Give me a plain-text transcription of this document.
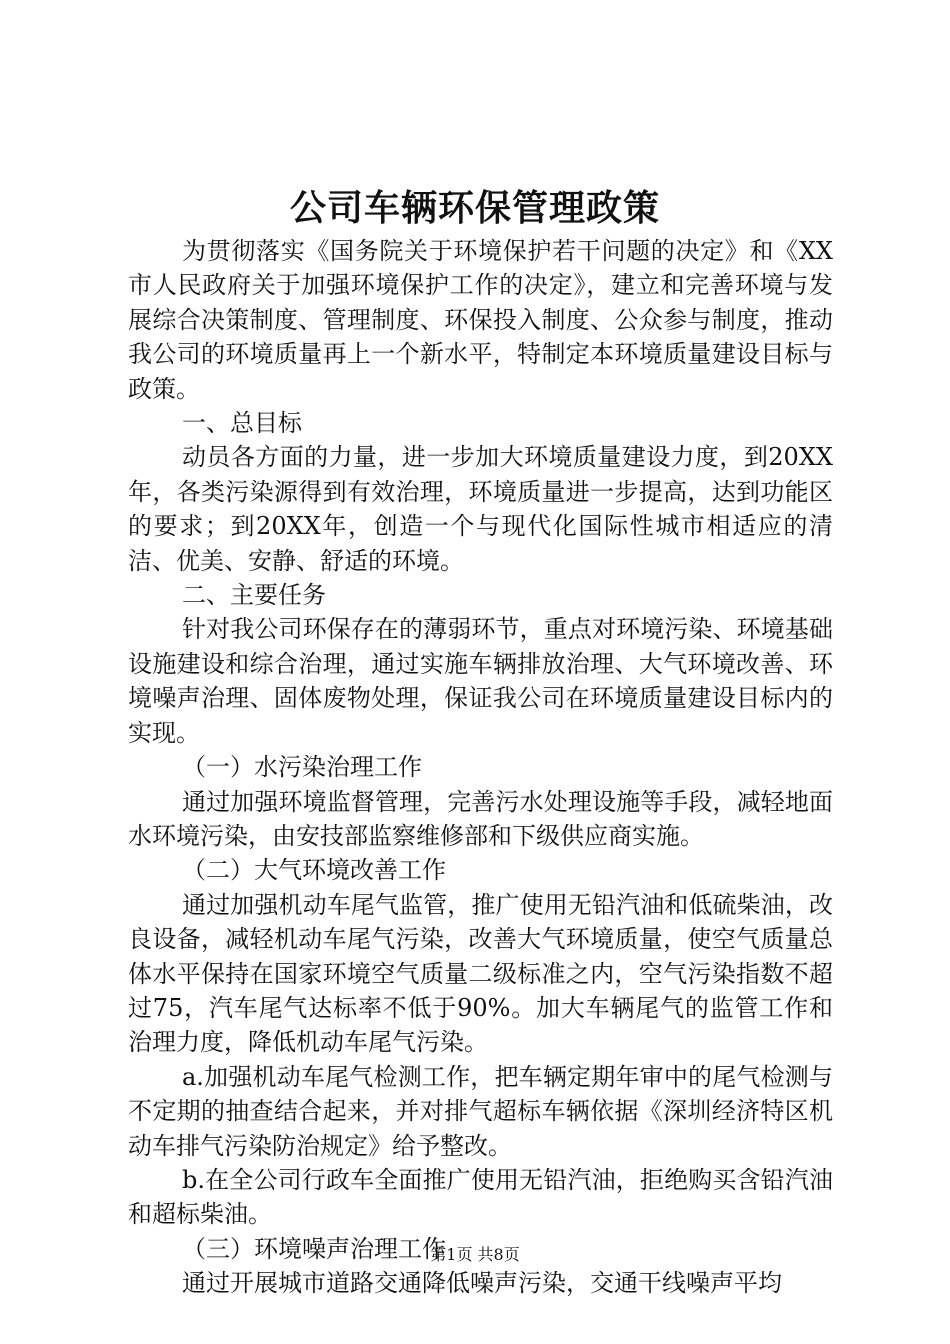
公司车辆环保管理政策

为贯彻落实《国务院关于环境保护若干问题的决定》和《XX市人民政府关于加强环境保护工作的决定》，建立和完善环境与发展综合决策制度、管理制度、环保投入制度、公众参与制度，推动我公司的环境质量再上一个新水平，特制定本环境质量建设目标与政策。

一、总目标

动员各方面的力量，进一步加大环境质量建设力度，到20XX年，各类污染源得到有效治理，环境质量进一步提高，达到功能区的要求；到20XX年，创造一个与现代化国际性城市相适应的清洁、优美、安静、舒适的环境。

二、主要任务

针对我公司环保存在的薄弱环节，重点对环境污染、环境基础设施建设和综合治理，通过实施车辆排放治理、大气环境改善、环境噪声治理、固体废物处理，保证我公司在环境质量建设目标内的实现。

（一）水污染治理工作

通过加强环境监督管理，完善污水处理设施等手段，减轻地面水环境污染，由安技部监察维修部和下级供应商实施。

（二）大气环境改善工作

通过加强机动车尾气监管，推广使用无铅汽油和低硫柴油，改良设备，减轻机动车尾气污染，改善大气环境质量，使空气质量总体水平保持在国家环境空气质量二级标准之内，空气污染指数不超过75，汽车尾气达标率不低于90%。加大车辆尾气的监管工作和治理力度，降低机动车尾气污染。

a.加强机动车尾气检测工作，把车辆定期年审中的尾气检测与不定期的抽查结合起来，并对排气超标车辆依据《深圳经济特区机动车排气污染防治规定》给予整改。

b.在全公司行政车全面推广使用无铅汽油，拒绝购买含铅汽油和超标柴油。

（三）环境噪声治理工作

通过开展城市道路交通降低噪声污染，交通干线噪声平均

第1页 共8页
